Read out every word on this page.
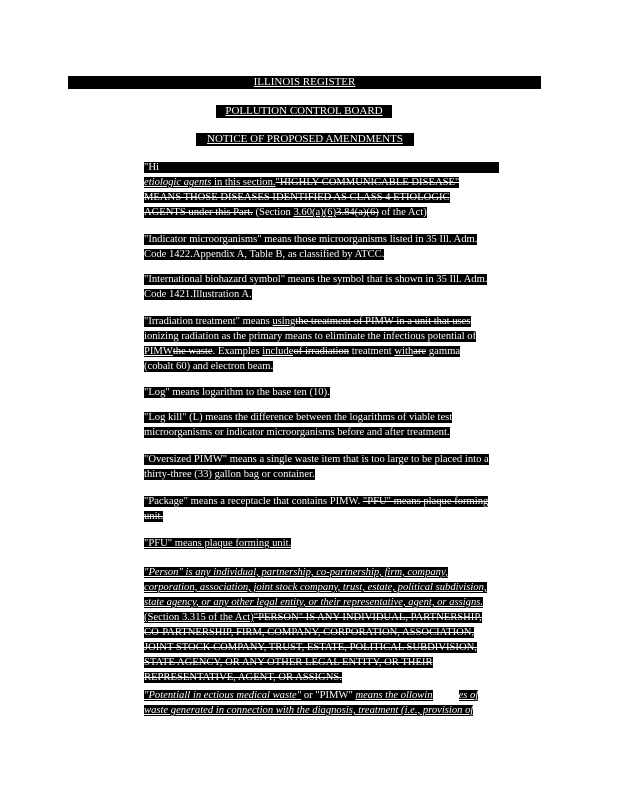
ILLINOIS REGISTER
POLLUTION CONTROL BOARD
NOTICE OF PROPOSED AMENDMENTS
"Hi
etiologic agents in this section."HIGHLY COMMUNICABLE DISEASE"
MEANS THOSE DISEASES IDENTIFIED AS CLASS 4 ETIOLOGIC
AGENTS under this Part. (Section 3.60(a)(6)3.84(a)(6) of the Act)
"Indicator microorganisms" means those microorganisms listed in 35 Ill. Adm.
Code 1422.Appendix A, Table B, as classified by ATCC.
"International biohazard symbol" means the symbol that is shown in 35 Ill. Adm.
Code 1421.Illustration A.
"Irradiation treatment" means usingthe treatment of PIMW in a unit that uses
ionizing radiation as the primary means to eliminate the infectious potential of
PIMWthe waste. Examples includeof irradiation treatment withare gamma
(cobalt 60) and electron beam.
"Log" means logarithm to the base ten (10).
"Log kill" (L) means the difference between the logarithms of viable test
microorganisms or indicator microorganisms before and after treatment.
"Oversized PIMW" means a single waste item that is too large to be placed into a
thirty-three (33) gallon bag or container.
"Package" means a receptacle that contains PIMW. "PFU" means plaque forming
unit.
"PFU" means plaque forming unit.
"Person" is any individual, partnership, co-partnership, firm, company,
corporation, association, joint stock company, trust, estate, political subdivision,
state agency, or any other legal entity, or their representative, agent, or assigns.
(Section 3.315 of the Act)"PERSON" IS ANY INDIVIDUAL, PARTNERSHIP,
CO-PARTNERSHIP, FIRM, COMPANY, CORPORATION, ASSOCIATION,
JOINT STOCK COMPANY, TRUST, ESTATE, POLITICAL SUBDIVISION,
STATE AGENCY, OR ANY OTHER LEGAL ENTITY, OR THEIR
REPRESENTATIVE, AGENT, OR ASSIGNS.
"Potentiall in ectious medical waste" or "PIMW" means the ollowin es of
waste generated in connection with the diagnosis, treatment (i.e., provision of
